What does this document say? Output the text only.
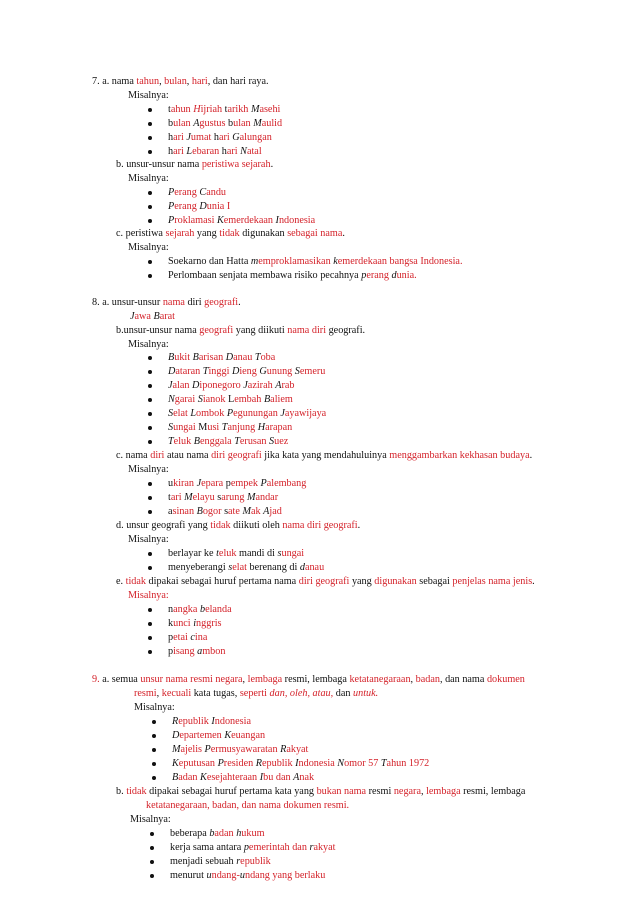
7. a. nama tahun, bulan, hari, dan hari raya.
Misalnya:
tahun Hijriah tarikh Masehi
bulan Agustus bulan Maulid
hari Jumat hari Galungan
hari Lebaran hari Natal
b. unsur-unsur nama peristiwa sejarah.
Misalnya:
Perang Candu
Perang Dunia I
Proklamasi Kemerdekaan Indonesia
c. peristiwa sejarah yang tidak digunakan sebagai nama.
Misalnya:
Soekarno dan Hatta memproklamasikan kemerdekaan bangsa Indonesia.
Perlombaan senjata membawa risiko pecahnya perang dunia.
8. a. unsur-unsur nama diri geografi.
Jawa Barat
b.unsur-unsur nama geografi yang diikuti nama diri geografi.
Misalnya:
Bukit Barisan Danau Toba
Dataran Tinggi Dieng Gunung Semeru
Jalan Diponegoro Jazirah Arab
Ngarai Sianok Lembah Baliem
Selat Lombok Pegunungan Jayawijaya
Sungai Musi Tanjung Harapan
Teluk Benggala Terusan Suez
c. nama diri atau nama diri geografi jika kata yang mendahuluinya menggambarkan kekhasan budaya.
Misalnya:
ukiran Jepara pempek Palembang
tari Melayu sarung Mandar
asinan Bogor sate Mak Ajad
d. unsur geografi yang tidak diikuti oleh nama diri geografi.
Misalnya:
berlayar ke teluk mandi di sungai
menyeberangi selat berenang di danau
e. tidak dipakai sebagai huruf pertama nama diri geografi yang digunakan sebagai penjelas nama jenis.
Misalnya:
nangka belanda
kunci inggris
petai cina
pisang ambon
9. a. semua unsur nama resmi negara, lembaga resmi, lembaga ketatanegaraan, badan, dan nama dokumen
resmi, kecuali kata tugas, seperti dan, oleh, atau, dan untuk.
Misalnya:
Republik Indonesia
Departemen Keuangan
Majelis Permusyawaratan Rakyat
Keputusan Presiden Republik Indonesia Nomor 57 Tahun 1972
Badan Kesejahteraan Ibu dan Anak
b. tidak dipakai sebagai huruf pertama kata yang bukan nama resmi negara, lembaga resmi, lembaga
ketatanegaraan, badan, dan nama dokumen resmi.
Misalnya:
beberapa badan hukum
kerja sama antara pemerintah dan rakyat
menjadi sebuah republik
menurut undang-undang yang berlaku
